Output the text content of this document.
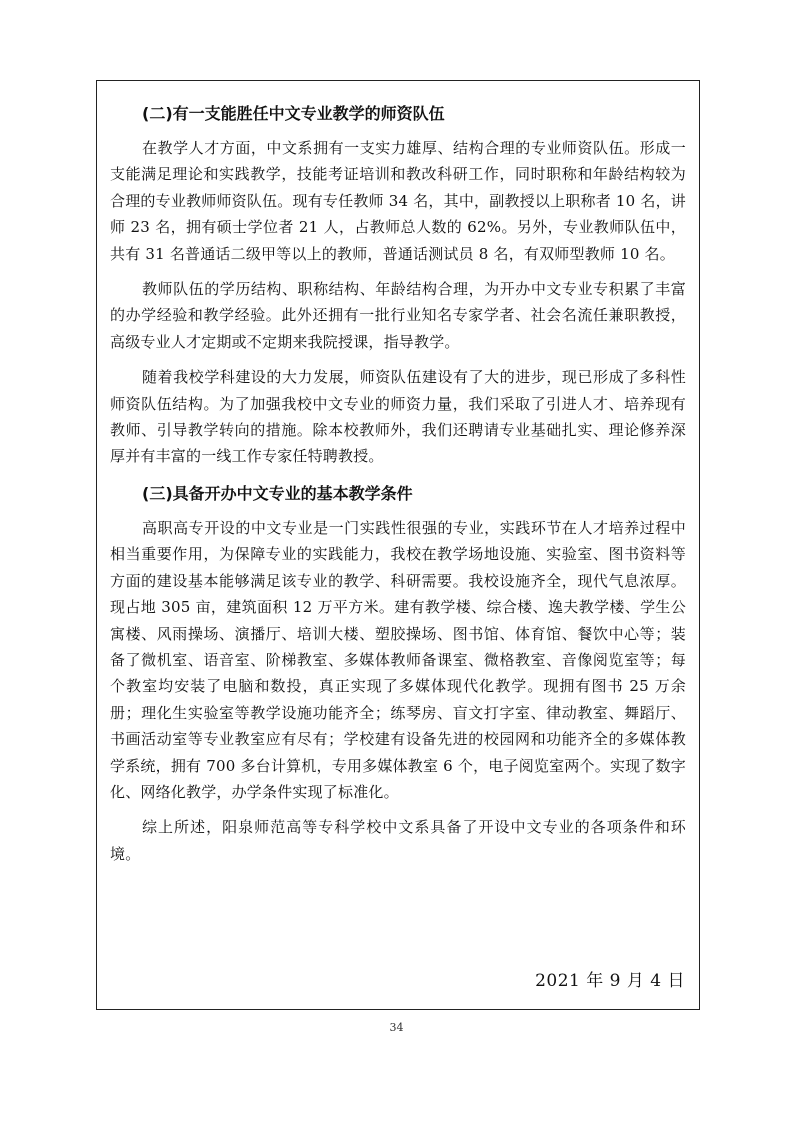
(二)有一支能胜任中文专业教学的师资队伍

在教学人才方面，中文系拥有一支实力雄厚、结构合理的专业师资队伍。形成一支能满足理论和实践教学，技能考证培训和教改科研工作，同时职称和年龄结构较为合理的专业教师师资队伍。现有专任教师 34 名，其中，副教授以上职称者 10 名，讲师 23 名，拥有硕士学位者 21 人，占教师总人数的 62%。另外，专业教师队伍中，共有 31 名普通话二级甲等以上的教师，普通话测试员 8 名，有双师型教师 10 名。

教师队伍的学历结构、职称结构、年龄结构合理，为开办中文专业专积累了丰富的办学经验和教学经验。此外还拥有一批行业知名专家学者、社会名流任兼职教授，高级专业人才定期或不定期来我院授课，指导教学。

随着我校学科建设的大力发展，师资队伍建设有了大的进步，现已形成了多科性师资队伍结构。为了加强我校中文专业的师资力量，我们采取了引进人才、培养现有教师、引导教学转向的措施。除本校教师外，我们还聘请专业基础扎实、理论修养深厚并有丰富的一线工作专家任特聘教授。

(三)具备开办中文专业的基本教学条件

高职高专开设的中文专业是一门实践性很强的专业，实践环节在人才培养过程中相当重要作用，为保障专业的实践能力，我校在教学场地设施、实验室、图书资料等方面的建设基本能够满足该专业的教学、科研需要。我校设施齐全，现代气息浓厚。现占地 305 亩，建筑面积 12 万平方米。建有教学楼、综合楼、逸夫教学楼、学生公寓楼、风雨操场、演播厅、培训大楼、塑胶操场、图书馆、体育馆、餐饮中心等；装备了微机室、语音室、阶梯教室、多媒体教师备课室、微格教室、音像阅览室等；每个教室均安装了电脑和数投，真正实现了多媒体现代化教学。现拥有图书 25 万余册；理化生实验室等教学设施功能齐全；练琴房、盲文打字室、律动教室、舞蹈厅、书画活动室等专业教室应有尽有；学校建有设备先进的校园网和功能齐全的多媒体教学系统，拥有 700 多台计算机，专用多媒体教室 6 个，电子阅览室两个。实现了数字化、网络化教学，办学条件实现了标准化。

综上所述，阳泉师范高等专科学校中文系具备了开设中文专业的各项条件和环境。

2021 年 9 月 4 日
34
